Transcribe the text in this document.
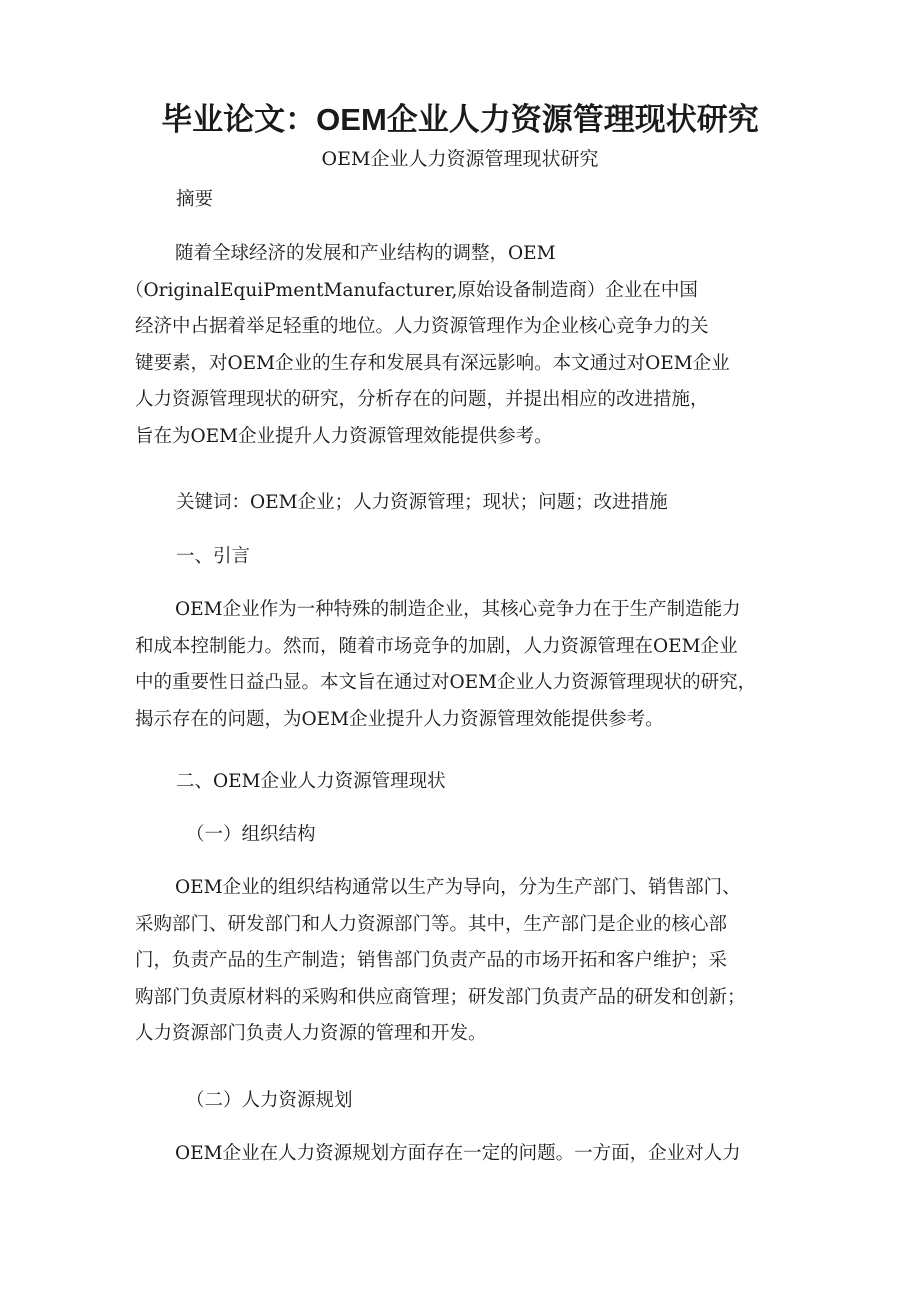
毕业论文：OEM企业人力资源管理现状研究
OEM企业人力资源管理现状研究
摘要
随着全球经济的发展和产业结构的调整，OEM
（OriginalEquiPmentManufacturer,原始设备制造商）企业在中国
经济中占据着举足轻重的地位。人力资源管理作为企业核心竞争力的关
键要素，对OEM企业的生存和发展具有深远影响。本文通过对OEM企业
人力资源管理现状的研究，分析存在的问题，并提出相应的改进措施，
旨在为OEM企业提升人力资源管理效能提供参考。
关键词：OEM企业；人力资源管理；现状；问题；改进措施
一、引言
OEM企业作为一种特殊的制造企业，其核心竞争力在于生产制造能力
和成本控制能力。然而，随着市场竞争的加剧，人力资源管理在OEM企业
中的重要性日益凸显。本文旨在通过对OEM企业人力资源管理现状的研究，
揭示存在的问题，为OEM企业提升人力资源管理效能提供参考。
二、OEM企业人力资源管理现状
（一）组织结构
OEM企业的组织结构通常以生产为导向，分为生产部门、销售部门、
采购部门、研发部门和人力资源部门等。其中，生产部门是企业的核心部
门，负责产品的生产制造；销售部门负责产品的市场开拓和客户维护；采
购部门负责原材料的采购和供应商管理；研发部门负责产品的研发和创新；
人力资源部门负责人力资源的管理和开发。
（二）人力资源规划
OEM企业在人力资源规划方面存在一定的问题。一方面，企业对人力
